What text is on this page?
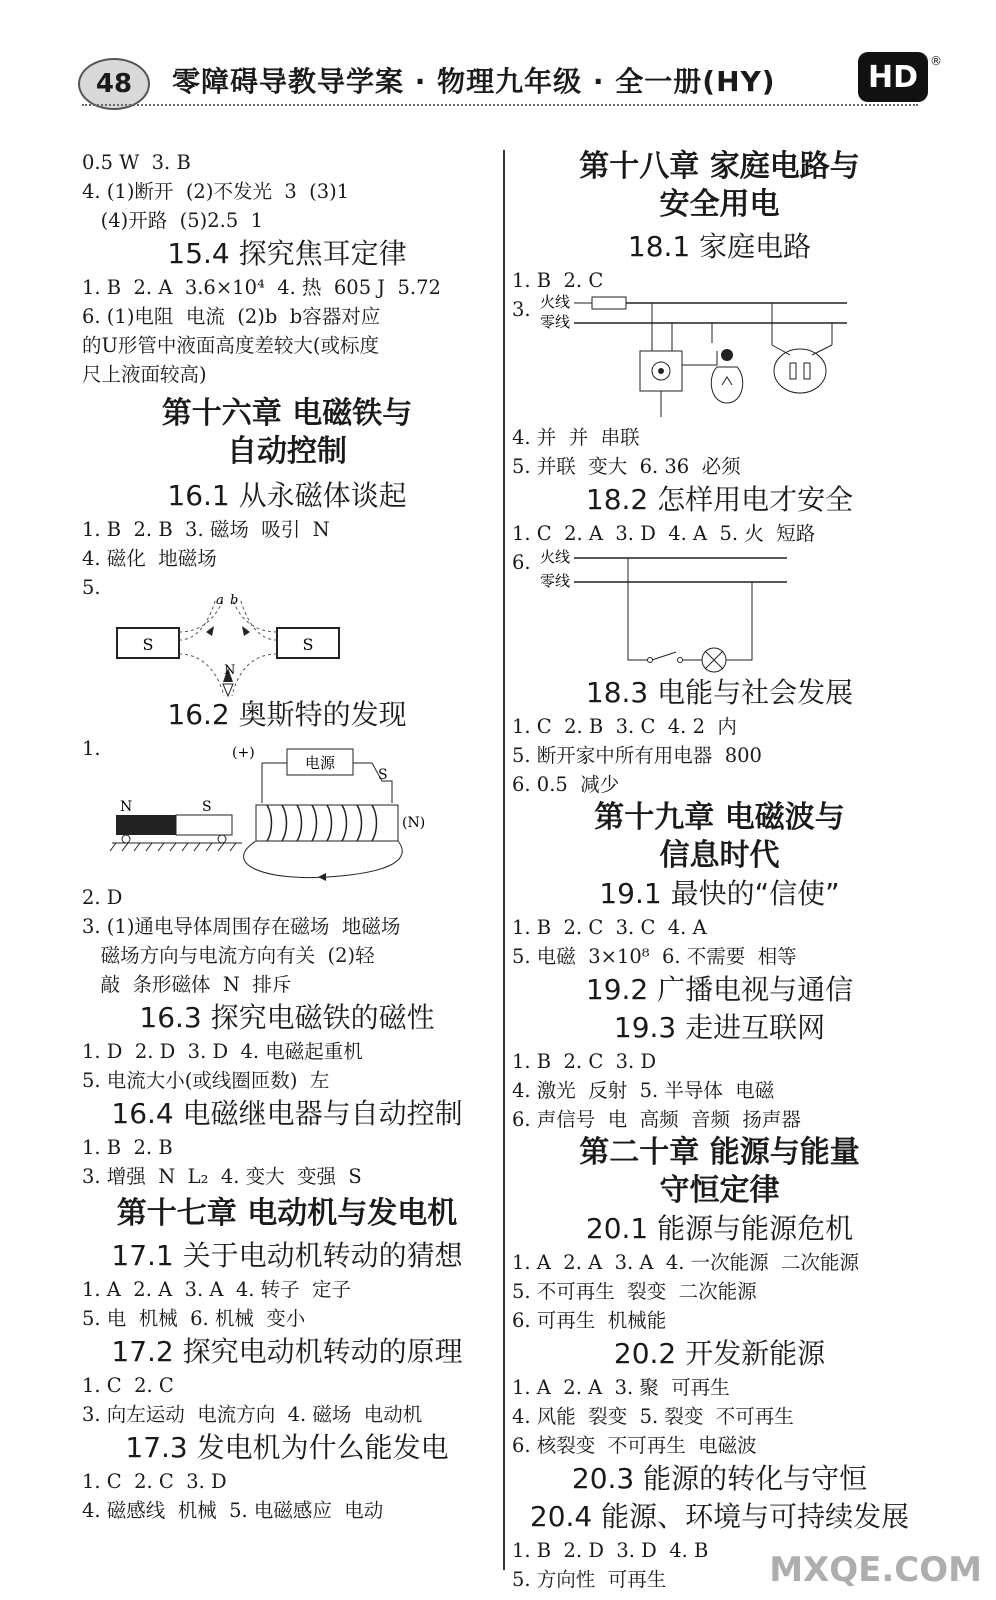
48	零障碍导教导学案 · 物理九年级 · 全一册(HY)	HD	®
0.5 W  3. B
4. (1)断开  (2)不发光  3  (3)1
(4)开路  (5)2.5  1
15.4 探究焦耳定律
1. B  2. A  3.6×10⁴  4. 热  605 J  5.72
6. (1)电阻  电流  (2)b  b容器对应
的U形管中液面高度差较大(或标度
尺上液面较高)
第十六章 电磁铁与
自动控制
16.1 从永磁体谈起
1. B  2. B  3. 磁场  吸引  N
4. 磁化  地磁场
5.
S	S
N
a b
16.2 奥斯特的发现
1.	(+)
电源
S
(N)
N	S
2. D
3. (1)通电导体周围存在磁场  地磁场
磁场方向与电流方向有关  (2)轻
敲  条形磁体  N  排斥
16.3 探究电磁铁的磁性
1. D  2. D  3. D  4. 电磁起重机
5. 电流大小(或线圈匝数)  左
16.4 电磁继电器与自动控制
1. B  2. B
3. 增强  N  L₂  4. 变大  变强  S
第十七章 电动机与发电机
17.1 关于电动机转动的猜想
1. A  2. A  3. A  4. 转子  定子
5. 电  机械  6. 机械  变小
17.2 探究电动机转动的原理
1. C  2. C
3. 向左运动  电流方向  4. 磁场  电动机
17.3 发电机为什么能发电
1. C  2. C  3. D
4. 磁感线  机械  5. 电磁感应  电动
第十八章 家庭电路与
安全用电
18.1 家庭电路
1. B  2. C
3. 火线
零线
4. 并  并  串联
5. 并联  变大  6. 36  必须
18.2 怎样用电才安全
1. C  2. A  3. D  4. A  5. 火  短路
6. 火线
零线
18.3 电能与社会发展
1. C  2. B  3. C  4. 2  内
5. 断开家中所有用电器  800
6. 0.5  减少
第十九章 电磁波与
信息时代
19.1 最快的“信使”
1. B  2. C  3. C  4. A
5. 电磁  3×10⁸  6. 不需要  相等
19.2 广播电视与通信
19.3 走进互联网
1. B  2. C  3. D
4. 激光  反射  5. 半导体  电磁
6. 声信号  电  高频  音频  扬声器
第二十章 能源与能量
守恒定律
20.1 能源与能源危机
1. A  2. A  3. A  4. 一次能源  二次能源
5. 不可再生  裂变  二次能源
6. 可再生  机械能
20.2 开发新能源
1. A  2. A  3. 聚  可再生
4. 风能  裂变  5. 裂变  不可再生
6. 核裂变  不可再生  电磁波
20.3 能源的转化与守恒
20.4 能源、环境与可持续发展
1. B  2. D  3. D  4. B
5. 方向性  可再生	MXQE.COM
